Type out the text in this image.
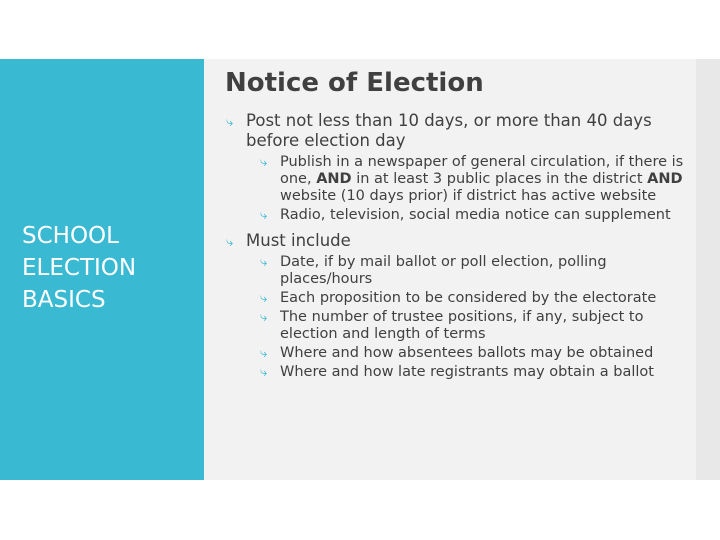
SCHOOL ELECTION BASICS
Notice of Election
⤷ Post not less than 10 days, or more than 40 days before election day
⤷ Publish in a newspaper of general circulation, if there is one, AND in at least 3 public places in the district AND website (10 days prior) if district has active website
⤷ Radio, television, social media notice can supplement
⤷ Must include
⤷ Date, if by mail ballot or poll election, polling places/hours
⤷ Each proposition to be considered by the electorate
⤷ The number of trustee positions, if any, subject to election and length of terms
⤷ Where and how absentees ballots may be obtained
⤷ Where and how late registrants may obtain a ballot
